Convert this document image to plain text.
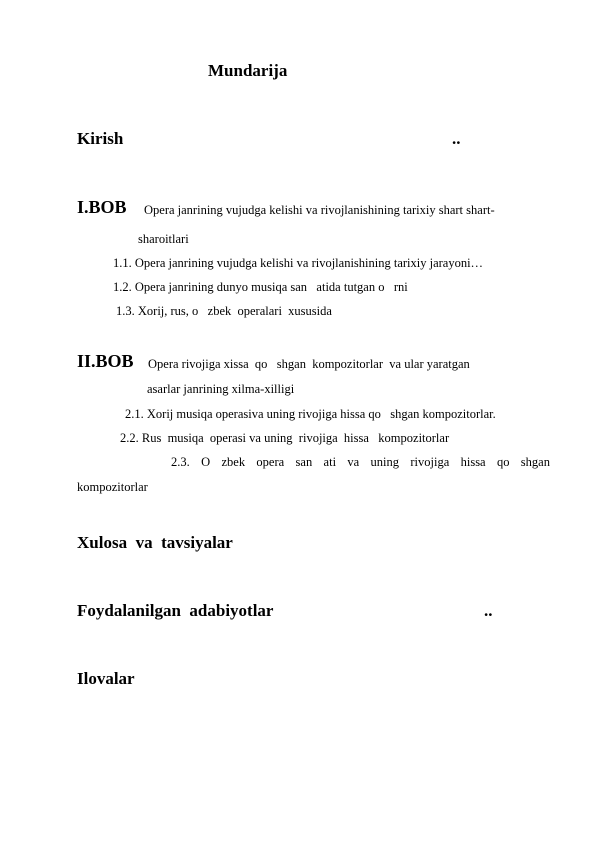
Mundarija
Kirish	..
I.BOB Opera janrining vujudga kelishi va rivojlanishining tarixiy shart shart-
sharoitlari
1.1. Opera janrining vujudga kelishi va rivojlanishining tarixiy jarayoni…
1.2. Opera janrining dunyo musiqa san   atida tutgan o   rni
1.3. Xorij, rus, o   zbek  operalari  xususida
II.BOB Opera rivojiga xissa  qo   shgan  kompozitorlar  va ular yaratgan
asarlar janrining xilma-xilligi
2.1. Xorij musiqa operasiva uning rivojiga hissa qo   shgan kompozitorlar.
2.2. Rus  musiqa  operasi va uning  rivojiga  hissa   kompozitorlar
2.3. O zbek opera san ati va uning rivojiga hissa qo shgan
kompozitorlar
Xulosa  va  tavsiyalar
Foydalanilgan  adabiyotlar	..
Ilovalar
